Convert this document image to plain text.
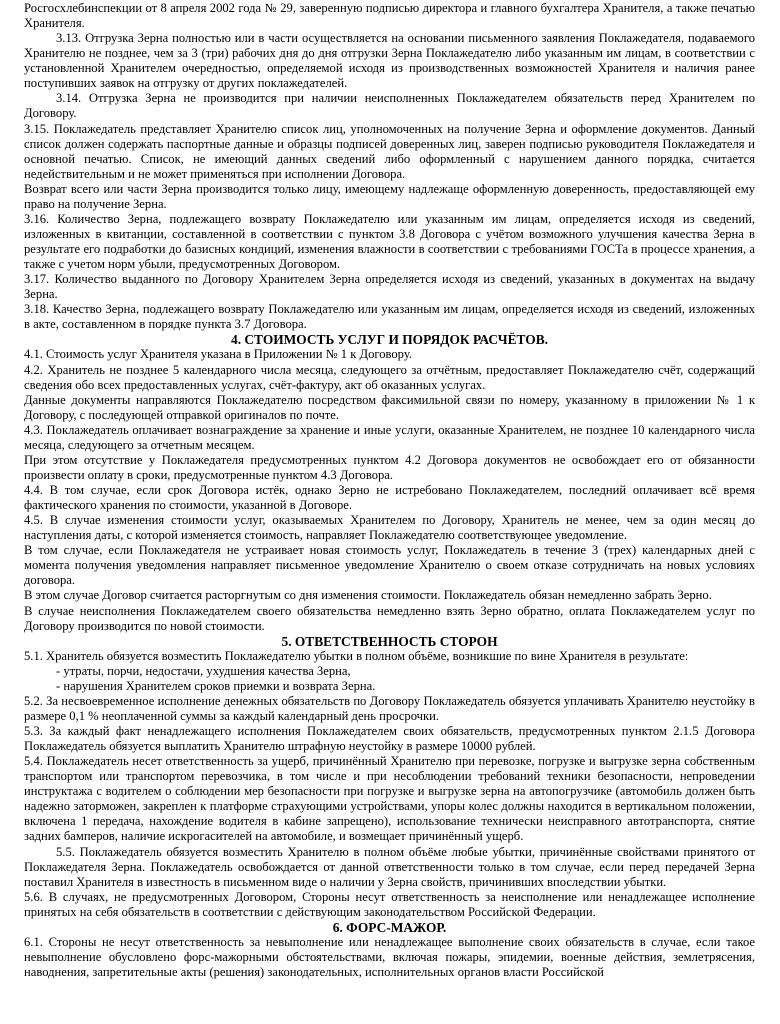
Росгосхлебинспекции от 8 апреля 2002 года № 29, заверенную подписью директора и главного бухгалтера Хранителя, а также печатью Хранителя.

3.13. Отгрузка Зерна полностью или в части осуществляется на основании письменного заявления Поклажедателя, подаваемого Хранителю не позднее, чем за 3 (три) рабочих дня до дня отгрузки Зерна Поклажедателю либо указанным им лицам, в соответствии с установленной Хранителем очередностью, определяемой исходя из производственных возможностей Хранителя и наличия ранее поступивших заявок на отгрузку от других поклажедателей.

3.14. Отгрузка Зерна не производится при наличии неисполненных Поклажедателем обязательств перед Хранителем по Договору.

3.15. Поклажедатель представляет Хранителю список лиц, уполномоченных на получение Зерна и оформление документов. Данный список должен содержать паспортные данные и образцы подписей доверенных лиц, заверен подписью руководителя Поклажедателя и основной печатью. Список, не имеющий данных сведений либо оформленный с нарушением данного порядка, считается недействительным и не может применяться при исполнении Договора.

Возврат всего или части Зерна производится только лицу, имеющему надлежаще оформленную доверенность, предоставляющей ему право на получение Зерна.

3.16. Количество Зерна, подлежащего возврату Поклажедателю или указанным им лицам, определяется исходя из сведений, изложенных в квитанции, составленной в соответствии с пунктом 3.8 Договора с учётом возможного улучшения качества Зерна в результате его подработки до базисных кондиций, изменения влажности в соответствии с требованиями ГОСТа в процессе хранения, а также с учетом норм убыли, предусмотренных Договором.

3.17. Количество выданного по Договору Хранителем Зерна определяется исходя из сведений, указанных в документах на выдачу Зерна.

3.18. Качество Зерна, подлежащего возврату Поклажедателю или указанным им лицам, определяется исходя из сведений, изложенных в акте, составленном в порядке пункта 3.7 Договора.

4. СТОИМОСТЬ УСЛУГ И ПОРЯДОК РАСЧЁТОВ.

4.1. Стоимость услуг Хранителя указана в Приложении № 1 к Договору.

4.2. Хранитель не позднее 5 календарного числа месяца, следующего за отчётным, предоставляет Поклажедателю счёт, содержащий сведения обо всех предоставленных услугах, счёт-фактуру, акт об оказанных услугах.

Данные документы направляются Поклажедателю посредством факсимильной связи по номеру, указанному в приложении № 1 к Договору, с последующей отправкой оригиналов по почте.

4.3. Поклажедатель оплачивает вознаграждение за хранение и иные услуги, оказанные Хранителем, не позднее 10 календарного числа месяца, следующего за отчетным месяцем.

При этом отсутствие у Поклажедателя предусмотренных пунктом 4.2 Договора документов не освобождает его от обязанности произвести оплату в сроки, предусмотренные пунктом 4.3 Договора.

4.4. В том случае, если срок Договора истёк, однако Зерно не истребовано Поклажедателем, последний оплачивает всё время фактического хранения по стоимости, указанной в Договоре.

4.5. В случае изменения стоимости услуг, оказываемых Хранителем по Договору, Хранитель не менее, чем за один месяц до наступления даты, с которой изменяется стоимость, направляет Поклажедателю соответствующее уведомление.

В том случае, если Поклажедателя не устраивает новая стоимость услуг, Поклажедатель в течение 3 (трех) календарных дней с момента получения уведомления направляет письменное уведомление Хранителю о своем отказе сотрудничать на новых условиях договора.

В этом случае Договор считается расторгнутым со дня изменения стоимости. Поклажедатель обязан немедленно забрать Зерно.

В случае неисполнения Поклажедателем своего обязательства немедленно взять Зерно обратно, оплата Поклажедателем услуг по Договору производится по новой стоимости.

5. ОТВЕТСТВЕННОСТЬ СТОРОН

5.1. Хранитель обязуется возместить Поклажедателю убытки в полном объёме, возникшие по вине Хранителя в результате:

- утраты, порчи, недостачи, ухудшения качества Зерна,

- нарушения Хранителем сроков приемки и возврата Зерна.

5.2. За несвоевременное исполнение денежных обязательств по Договору Поклажедатель обязуется уплачивать Хранителю неустойку в размере 0,1 % неоплаченной суммы за каждый календарный день просрочки.

5.3. За каждый факт ненадлежащего исполнения Поклажедателем своих обязательств, предусмотренных пунктом 2.1.5 Договора Поклажедатель обязуется выплатить Хранителю штрафную неустойку в размере 10000 рублей.

5.4. Поклажедатель несет ответственность за ущерб, причинённый Хранителю при перевозке, погрузке и выгрузке зерна собственным транспортом или транспортом перевозчика, в том числе и при несоблюдении требований техники безопасности, непроведении инструктажа с водителем о соблюдении мер безопасности при погрузке и выгрузке зерна на автопогрузчике (автомобиль должен быть надежно заторможен, закреплен к платформе страхующими устройствами, упоры колес должны находится в вертикальном положении, включена 1 передача, нахождение водителя в кабине запрещено), использование технически неисправного автотранспорта, снятие задних бамперов, наличие искрогасителей на автомобиле, и возмещает причинённый ущерб.

5.5. Поклажедатель обязуется возместить Хранителю в полном объёме любые убытки, причинённые свойствами принятого от Поклажедателя Зерна. Поклажедатель освобождается от данной ответственности только в том случае, если перед передачей Зерна поставил Хранителя в известность в письменном виде о наличии у Зерна свойств, причинивших впоследствии убытки.

5.6. В случаях, не предусмотренных Договором, Стороны несут ответственность за неисполнение или ненадлежащее исполнение принятых на себя обязательств в соответствии с действующим законодательством Российской Федерации.

6. ФОРС-МАЖОР.

6.1. Стороны не несут ответственность за невыполнение или ненадлежащее выполнение своих обязательств в случае, если такое невыполнение обусловлено форс-мажорными обстоятельствами, включая пожары, эпидемии, военные действия, землетрясения, наводнения, запретительные акты (решения) законодательных, исполнительных органов власти Российской
